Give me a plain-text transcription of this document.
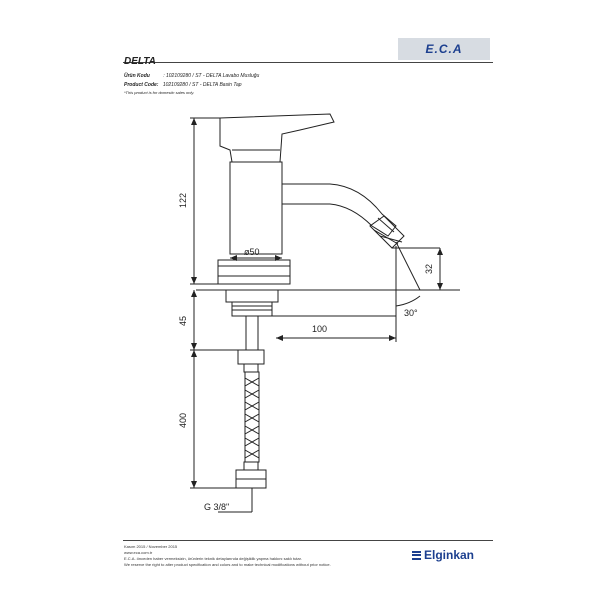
E.C.A
DELTA
Ürün Kodu	: 102109280 / ST - DELTA Lavabo Musluğu
Product Code: 102109280 / ST - DELTA Basin Tap
*This product is for domestic sales only.
122
45
400
ø50
32
100
30°
G 3/8"
Kasım 2015 / November 2015
www.eca.com.tr
E.C.A. önceden haber vermeksizin, ürünlerin teknik detaylarında değişiklik yapma hakkını saklı tutar.
We reserve the right to alter product specification and colors and to make technical modifications without prior notice.
Elginkan
